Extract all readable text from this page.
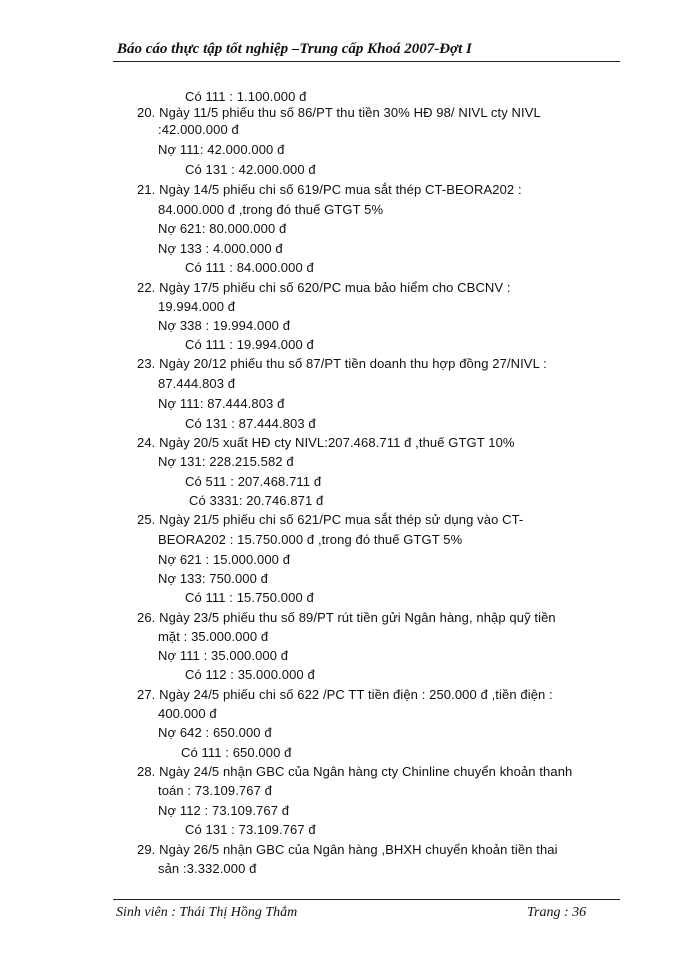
Báo cáo thực tập tốt nghiệp –Trung cấp Khoá 2007-Đợt I
Có 111 : 1.100.000 đ
20. Ngày 11/5 phiếu thu số 86/PT thu tiền 30% HĐ 98/ NIVL cty NIVL
:42.000.000 đ
Nợ 111: 42.000.000 đ
Có 131 : 42.000.000 đ
21. Ngày 14/5 phiếu chi số 619/PC mua sắt thép CT-BEORA202 :
84.000.000 đ ,trong đó thuế GTGT 5%
Nợ 621: 80.000.000 đ
Nợ 133 : 4.000.000 đ
Có 111 : 84.000.000 đ
22. Ngày 17/5 phiếu chi số 620/PC mua bảo hiểm cho CBCNV :
19.994.000 đ
Nợ 338 : 19.994.000 đ
Có 111 : 19.994.000 đ
23. Ngày 20/12 phiếu thu số 87/PT tiền doanh thu hợp đồng 27/NIVL :
87.444.803 đ
Nợ 111: 87.444.803 đ
Có 131 : 87.444.803 đ
24. Ngày 20/5 xuất HĐ cty NIVL:207.468.711 đ ,thuế GTGT 10%
Nợ 131: 228.215.582 đ
Có 511 : 207.468.711 đ
Có 3331: 20.746.871 đ
25. Ngày 21/5 phiếu chi số 621/PC mua sắt thép sử dụng vào CT-
BEORA202 : 15.750.000 đ ,trong đó thuế GTGT 5%
Nợ 621 : 15.000.000 đ
Nợ 133: 750.000 đ
Có 111 : 15.750.000 đ
26. Ngày 23/5 phiếu thu số 89/PT rút tiền gửi Ngân hàng, nhập quỹ tiền
mặt : 35.000.000 đ
Nợ 111 : 35.000.000 đ
Có 112 : 35.000.000 đ
27. Ngày 24/5 phiếu chi số 622 /PC TT tiền điện : 250.000 đ ,tiền điện :
400.000 đ
Nợ 642 : 650.000 đ
Có 111 : 650.000 đ
28. Ngày 24/5 nhận GBC của Ngân hàng cty Chinline chuyển khoản thanh
toán : 73.109.767 đ
Nợ 112 : 73.109.767 đ
Có 131 : 73.109.767 đ
29. Ngày 26/5 nhận GBC của Ngân hàng ,BHXH chuyển khoản tiền thai
sản :3.332.000 đ
Sinh viên : Thái Thị Hồng Thắm	Trang : 36
